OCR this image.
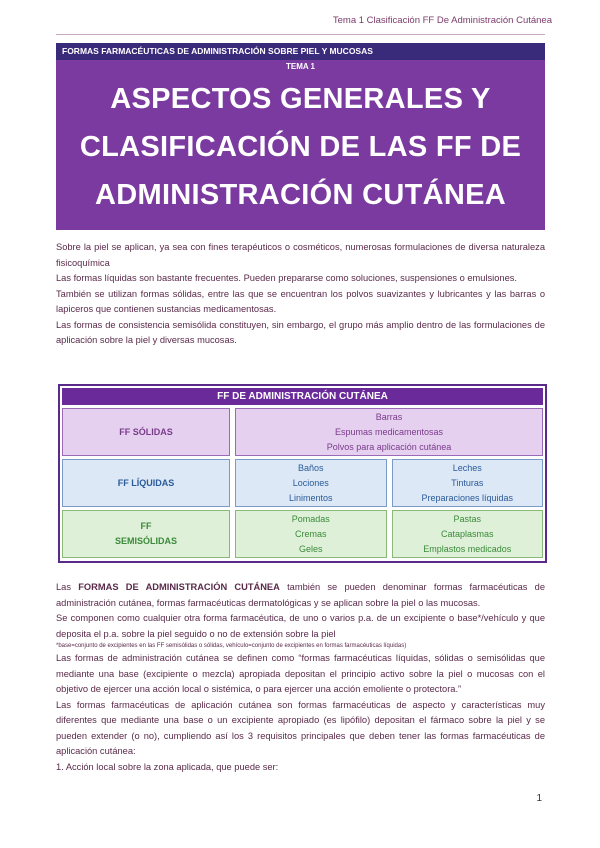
Tema 1 Clasificación FF De Administración Cutánea
FORMAS FARMACÉUTICAS DE ADMINISTRACIÓN SOBRE PIEL Y MUCOSAS
TEMA 1
ASPECTOS GENERALES Y
CLASIFICACIÓN DE LAS FF DE
ADMINISTRACIÓN CUTÁNEA

Sobre la piel se aplican, ya sea con fines terapéuticos o cosméticos, numerosas formulaciones de diversa naturaleza fisicoquímica

Las formas líquidas son bastante frecuentes. Pueden prepararse como soluciones, suspensiones o emulsiones.

También se utilizan formas sólidas, entre las que se encuentran los polvos suavizantes y lubricantes y las barras o lapiceros que contienen sustancias medicamentosas.

Las formas de consistencia semisólida constituyen, sin embargo, el grupo más amplio dentro de las formulaciones de aplicación sobre la piel y diversas mucosas.

FF DE ADMINISTRACIÓN CUTÁNEA
FF SÓLIDAS
Barras
Espumas medicamentosas
Polvos para aplicación cutánea
FF LÍQUIDAS
Baños
Lociones
Linimentos
Leches
Tinturas
Preparaciones líquidas
FF
SEMISÓLIDAS
Pomadas
Cremas
Geles
Pastas
Cataplasmas
Emplastos medicados

Las FORMAS DE ADMINISTRACIÓN CUTÁNEA también se pueden denominar formas farmacéuticas de administración cutánea, formas farmacéuticas dermatológicas y se aplican sobre la piel o las mucosas.

Se componen como cualquier otra forma farmacéutica, de uno o varios p.a. de un excipiente o base*/vehículo y que deposita el p.a. sobre la piel seguido o no de extensión sobre la piel

*base=conjunto de excipientes en las FF semisólidas o sólidas, vehículo=conjunto de excipientes en formas farmacéuticas líquidas)

Las formas de administración cutánea se definen como “formas farmacéuticas líquidas, sólidas o semisólidas que mediante una base (excipiente o mezcla) apropiada depositan el principio activo sobre la piel o mucosas con el objetivo de ejercer una acción local o sistémica, o para ejercer una acción emoliente o protectora.”

Las formas farmacéuticas de aplicación cutánea son formas farmacéuticas de aspecto y características muy diferentes que mediante una base o un excipiente apropiado (es lipófilo) depositan el fármaco sobre la piel y se pueden extender (o no), cumpliendo así los 3 requisitos principales que deben tener las formas farmacéuticas de aplicación cutánea:

1. Acción local sobre la zona aplicada, que puede ser:

1
